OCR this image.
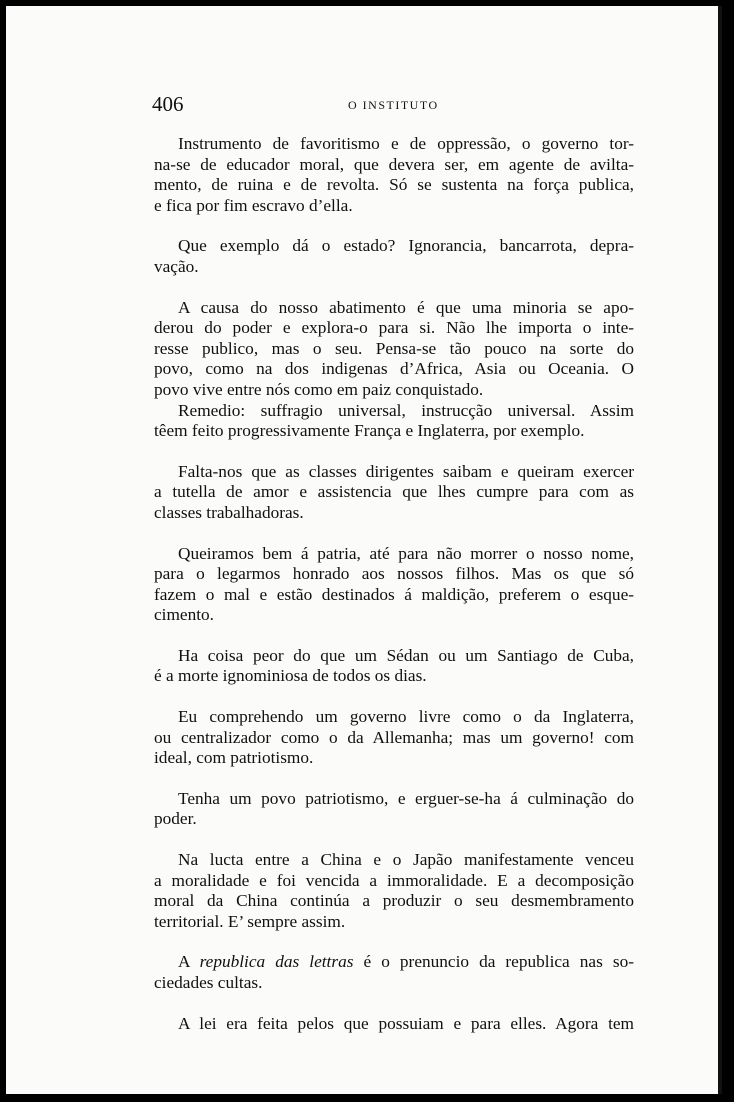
406	O INSTITUTO
Instrumento de favoritismo e de oppressão, o governo tor-
na-se de educador moral, que devera ser, em agente de avilta-
mento, de ruina e de revolta. Só se sustenta na força publica,
e fica por fim escravo d’ella.
Que exemplo dá o estado? Ignorancia, bancarrota, depra-
vação.
A causa do nosso abatimento é que uma minoria se apo-
derou do poder e explora-o para si. Não lhe importa o inte-
resse publico, mas o seu. Pensa-se tão pouco na sorte do
povo, como na dos indigenas d’Africa, Asia ou Oceania. O
povo vive entre nós como em paiz conquistado.
Remedio: suffragio universal, instrucção universal. Assim
têem feito progressivamente França e Inglaterra, por exemplo.
Falta-nos que as classes dirigentes saibam e queiram exercer
a tutella de amor e assistencia que lhes cumpre para com as
classes trabalhadoras.
Queiramos bem á patria, até para não morrer o nosso nome,
para o legarmos honrado aos nossos filhos. Mas os que só
fazem o mal e estão destinados á maldição, preferem o esque-
cimento.
Ha coisa peor do que um Sédan ou um Santiago de Cuba,
é a morte ignominiosa de todos os dias.
Eu comprehendo um governo livre como o da Inglaterra,
ou centralizador como o da Allemanha; mas um governo! com
ideal, com patriotismo.
Tenha um povo patriotismo, e erguer-se-ha á culminação do
poder.
Na lucta entre a China e o Japão manifestamente venceu
a moralidade e foi vencida a immoralidade. E a decomposição
moral da China continúa a produzir o seu desmembramento
territorial. E’ sempre assim.
A republica das lettras é o prenuncio da republica nas so-
ciedades cultas.
A lei era feita pelos que possuiam e para elles. Agora tem
